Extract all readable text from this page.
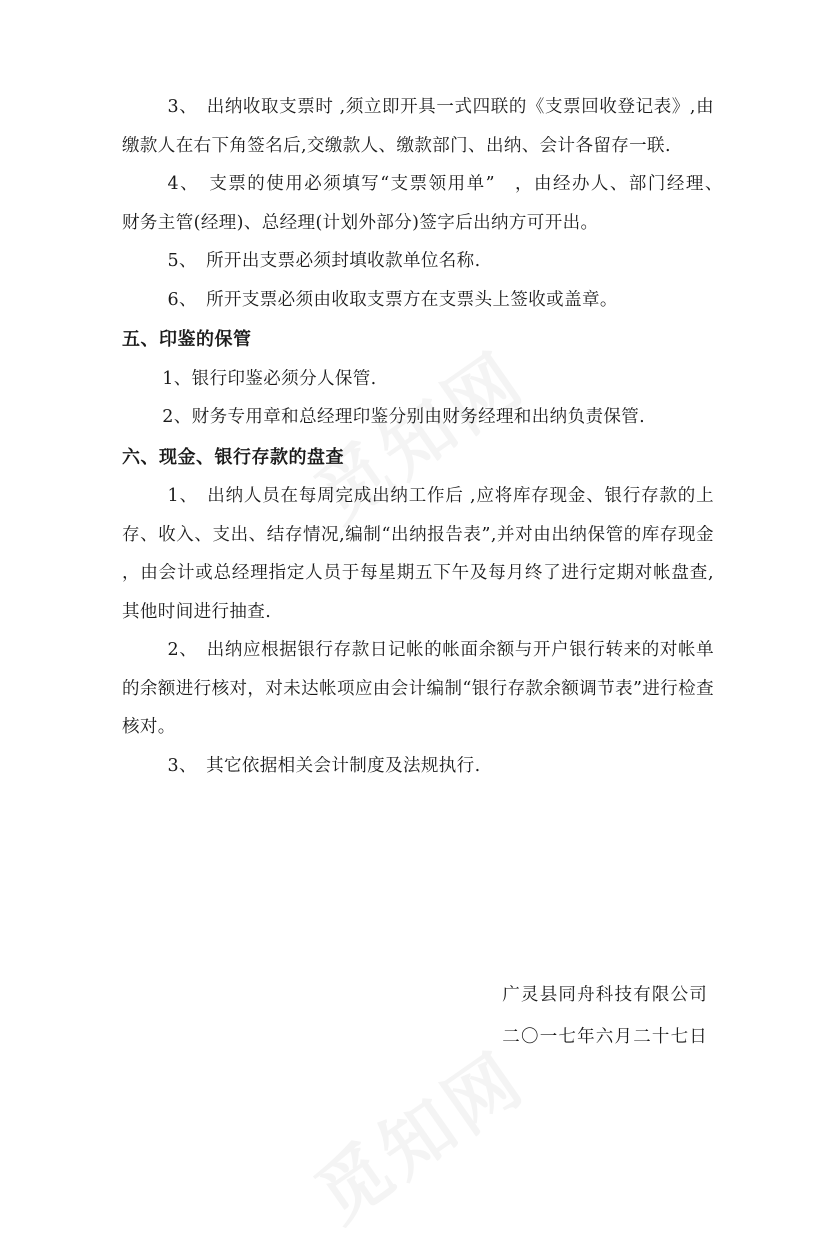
3、　出纳收取支票时 ,须立即开具一式四联的《支票回收登记表》,由缴款人在右下角签名后,交缴款人、缴款部门、出纳、会计各留存一联.

4、　支票的使用必须填写“支票领用单”　，由经办人、部门经理、　财务主管(经理)、总经理(计划外部分)签字后出纳方可开出。

5、　所开出支票必须封填收款单位名称.

6、　所开支票必须由收取支票方在支票头上签收或盖章。

五、印鉴的保管

1、银行印鉴必须分人保管.

2、财务专用章和总经理印鉴分别由财务经理和出纳负责保管.

六、现金、银行存款的盘查

1、　出纳人员在每周完成出纳工作后 ,应将库存现金、银行存款的上存、收入、支出、结存情况,编制“出纳报告表”,并对由出纳保管的库存现金 ，由会计或总经理指定人员于每星期五下午及每月终了进行定期对帐盘查,其他时间进行抽查.

2、　出纳应根据银行存款日记帐的帐面余额与开户银行转来的对帐单的余额进行核对，对未达帐项应由会计编制“银行存款余额调节表”进行检查核对。

3、　其它依据相关会计制度及法规执行.

广灵县同舟科技有限公司

二〇一七年六月二十七日
